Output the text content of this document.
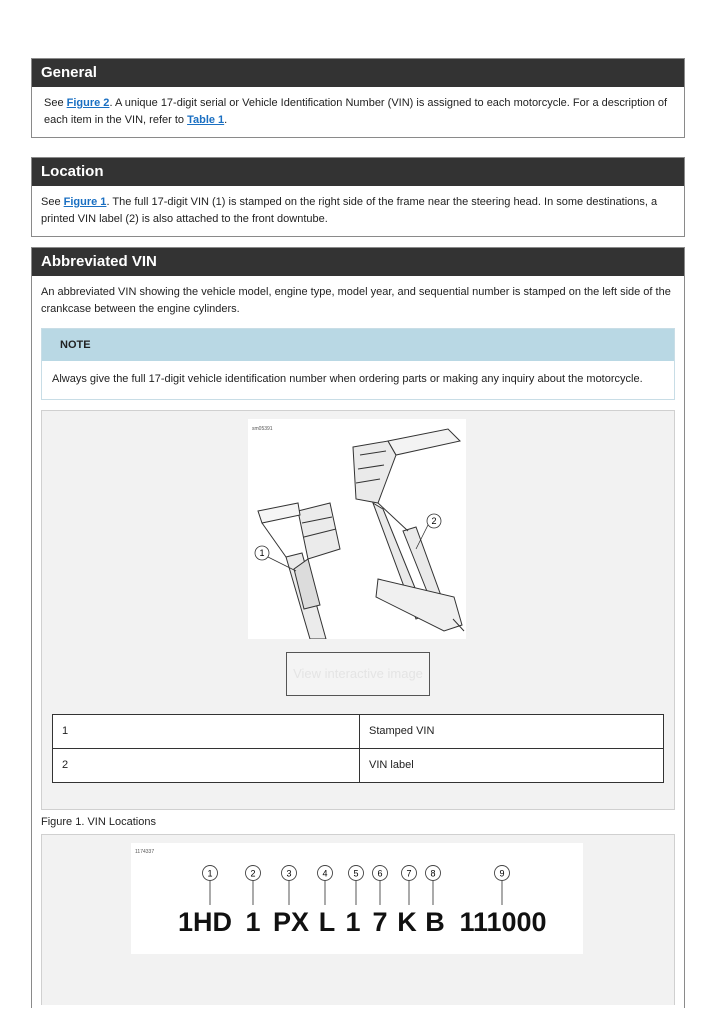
General
See Figure 2. A unique 17-digit serial or Vehicle Identification Number (VIN) is assigned to each motorcycle. For a description of each item in the VIN, refer to Table 1.
Location
See Figure 1. The full 17-digit VIN (1) is stamped on the right side of the frame near the steering head. In some destinations, a printed VIN label (2) is also attached to the front downtube.
Abbreviated VIN
An abbreviated VIN showing the vehicle model, engine type, model year, and sequential number is stamped on the left side of the crankcase between the engine cylinders.
NOTE
Always give the full 17-digit vehicle identification number when ordering parts or making any inquiry about the motorcycle.
sm05391
1
2
View interactive image
1	Stamped VIN
2	VIN label
Figure 1. VIN Locations
1174337
1	2	3	4	5 6	7 8	9
1HD 1 PX L 1 7 K B 111000
